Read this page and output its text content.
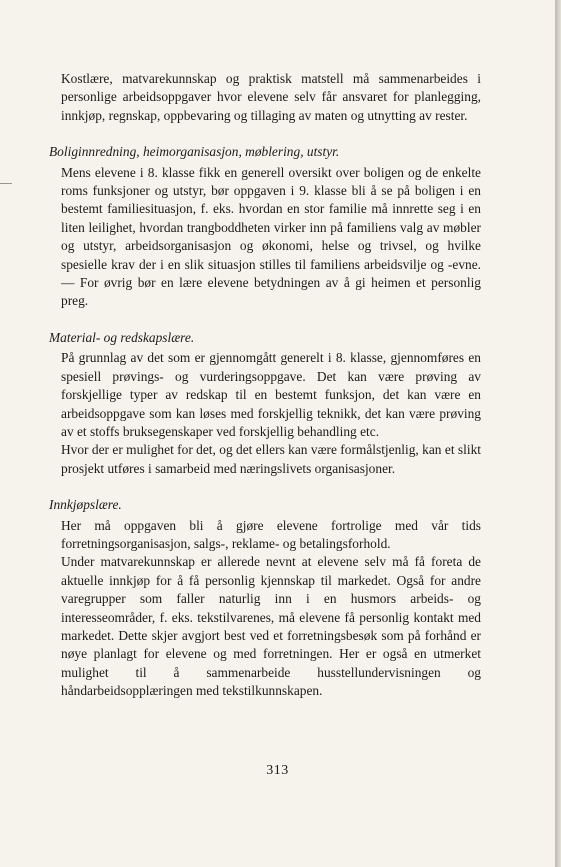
Kostlære, matvarekunnskap og praktisk matstell må sammenarbeides i personlige arbeidsoppgaver hvor elevene selv får ansvaret for planlegging, innkjøp, regnskap, oppbevaring og tillaging av maten og utnytting av rester.

Boliginnredning, heimorganisasjon, møblering, utstyr.

Mens elevene i 8. klasse fikk en generell oversikt over boligen og de enkelte roms funksjoner og utstyr, bør oppgaven i 9. klasse bli å se på boligen i en bestemt familiesituasjon, f. eks. hvordan en stor familie må innrette seg i en liten leilighet, hvordan trangboddheten virker inn på familiens valg av møbler og utstyr, arbeidsorganisasjon og økonomi, helse og trivsel, og hvilke spesielle krav der i en slik situasjon stilles til familiens arbeidsvilje og -evne. — For øvrig bør en lære elevene betydningen av å gi heimen et personlig preg.

Material- og redskapslære.

På grunnlag av det som er gjennomgått generelt i 8. klasse, gjennomføres en spesiell prøvings- og vurderingsoppgave. Det kan være prøving av forskjellige typer av redskap til en bestemt funksjon, det kan være en arbeidsoppgave som kan løses med forskjellig teknikk, det kan være prøving av et stoffs bruksegenskaper ved forskjellig behandling etc.

Hvor der er mulighet for det, og det ellers kan være formålstjenlig, kan et slikt prosjekt utføres i samarbeid med næringslivets organisasjoner.

Innkjøpslære.

Her må oppgaven bli å gjøre elevene fortrolige med vår tids forretningsorganisasjon, salgs-, reklame- og betalingsforhold.

Under matvarekunnskap er allerede nevnt at elevene selv må få foreta de aktuelle innkjøp for å få personlig kjennskap til markedet. Også for andre varegrupper som faller naturlig inn i en husmors arbeids- og interesseområder, f. eks. tekstilvarenes, må elevene få personlig kontakt med markedet. Dette skjer avgjort best ved et forretningsbesøk som på forhånd er nøye planlagt for elevene og med forretningen. Her er også en utmerket mulighet til å sammenarbeide husstellundervisningen og håndarbeidsopplæringen med tekstilkunnskapen.

313
